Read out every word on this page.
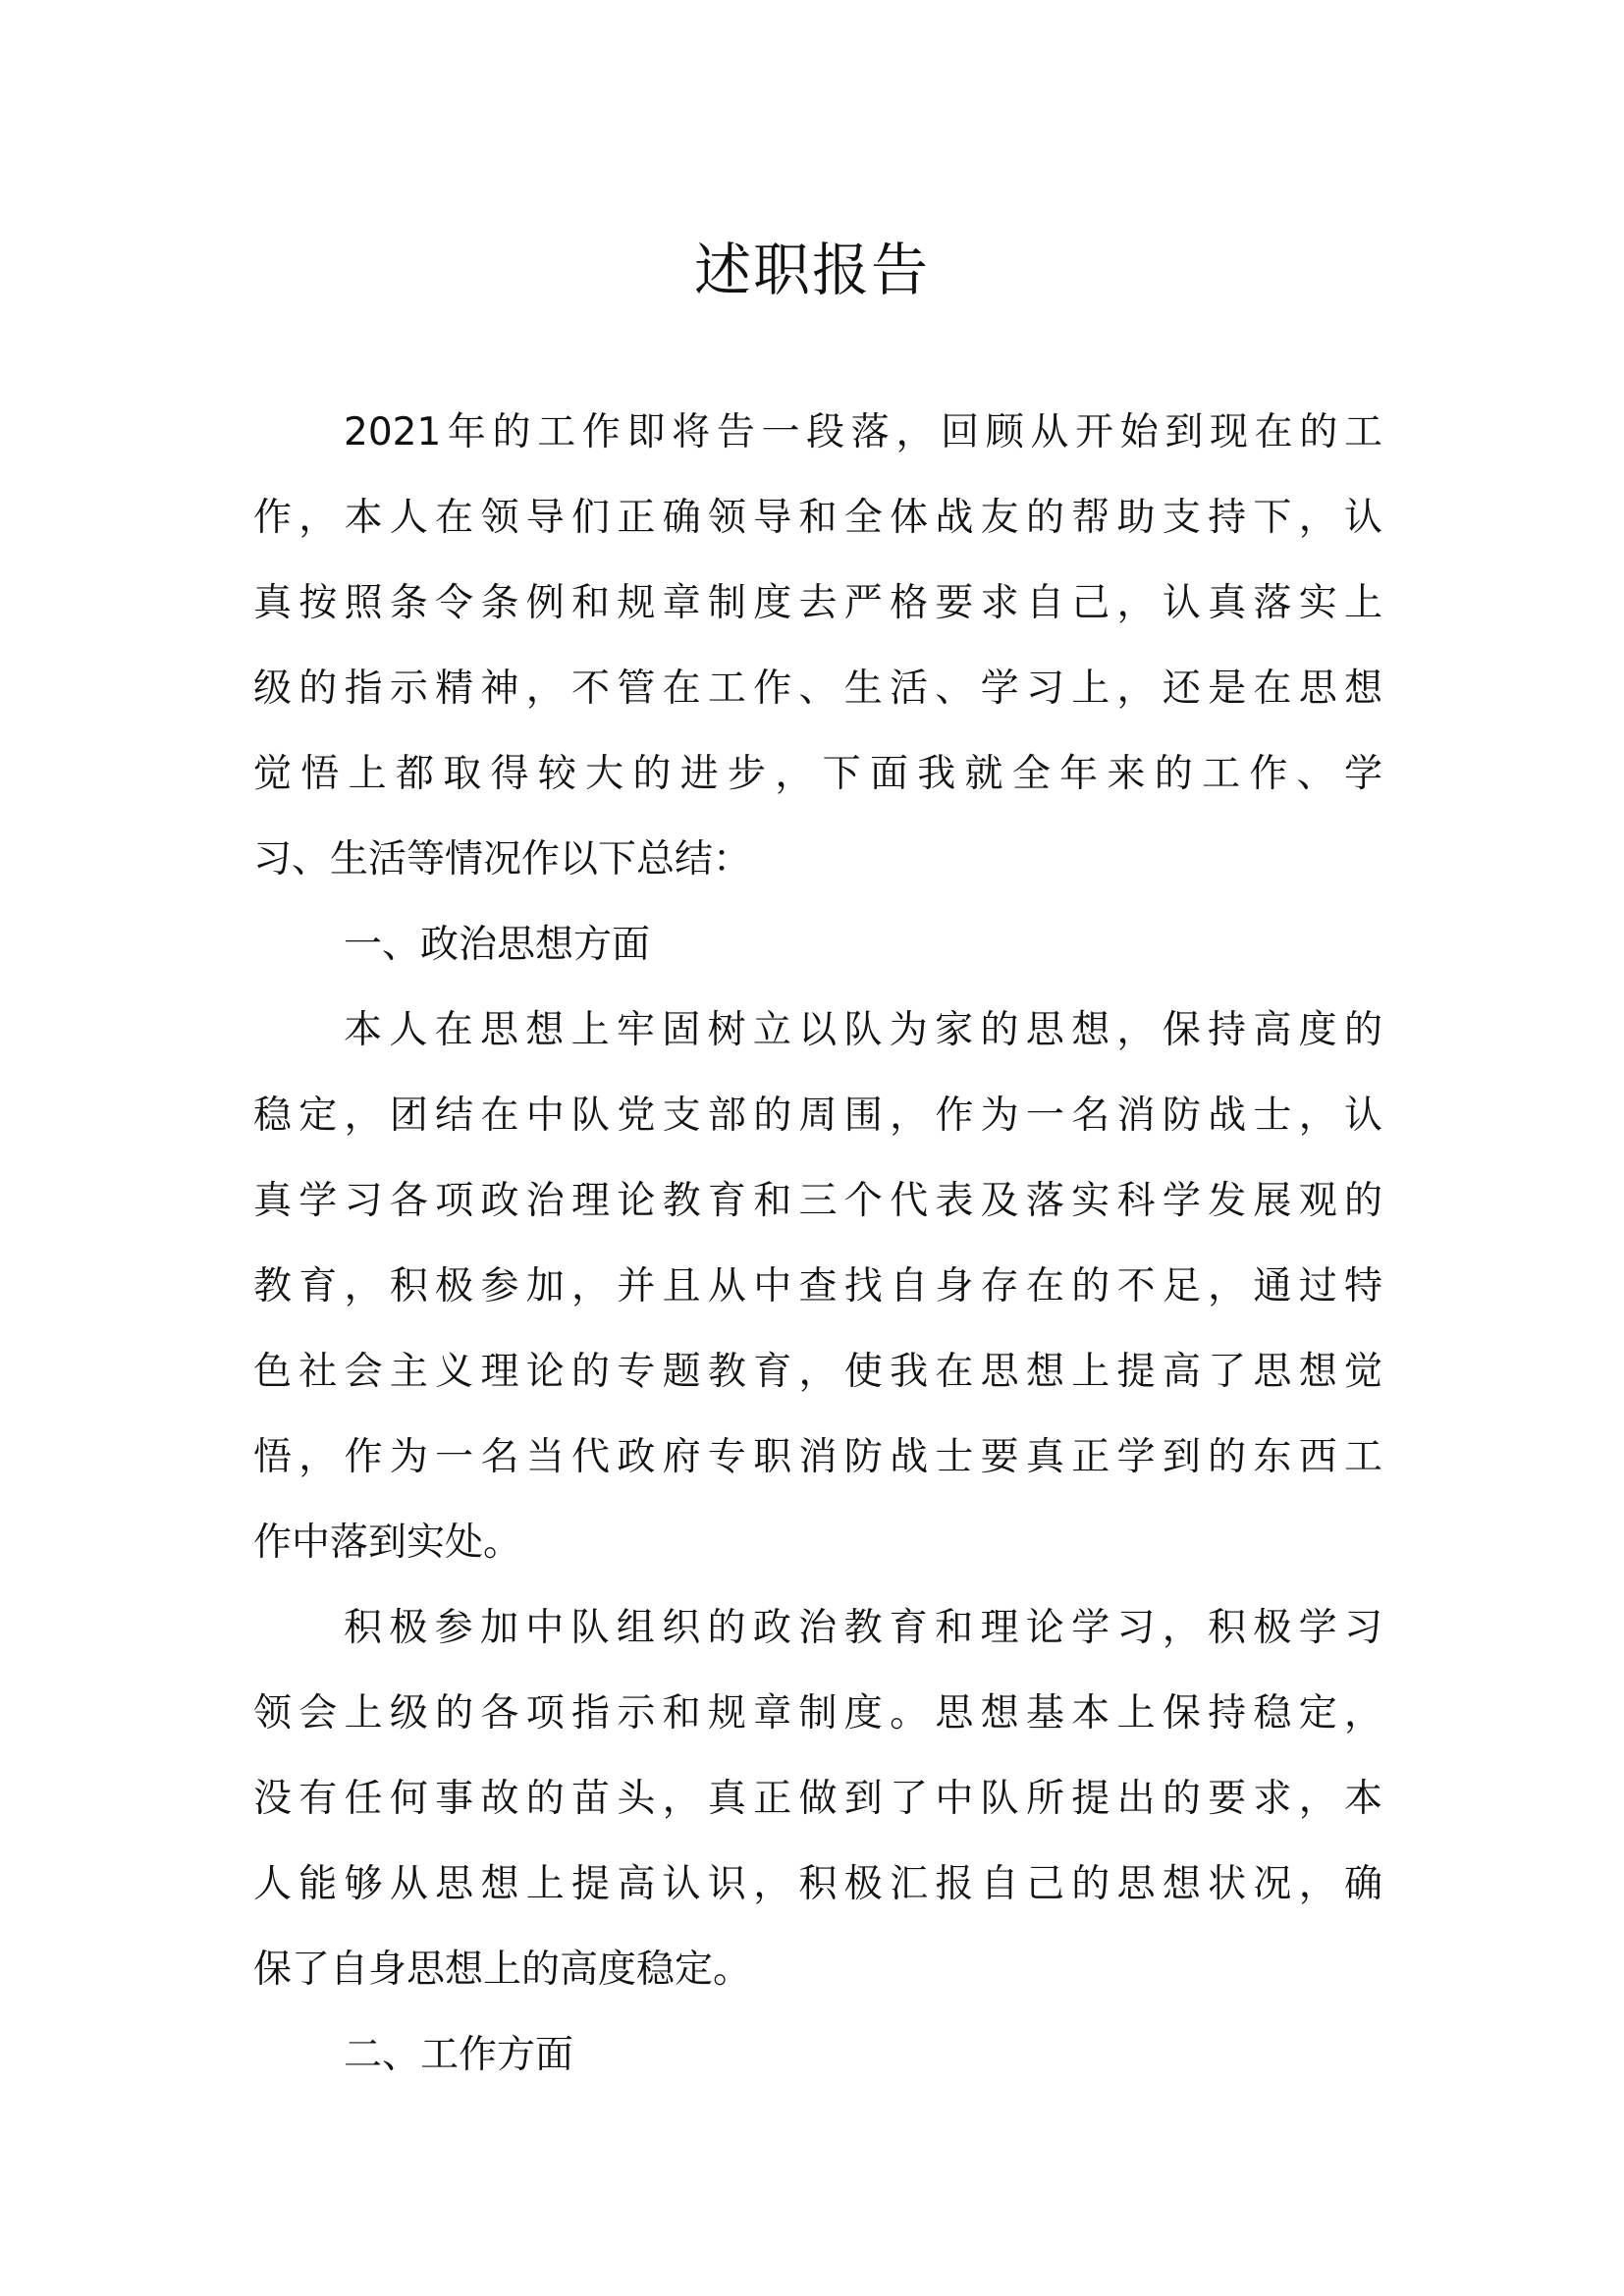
述职报告
2021年的工作即将告一段落，回顾从开始到现在的工
作，本人在领导们正确领导和全体战友的帮助支持下，认
真按照条令条例和规章制度去严格要求自己，认真落实上
级的指示精神，不管在工作、生活、学习上，还是在思想
觉悟上都取得较大的进步，下面我就全年来的工作、学
习、生活等情况作以下总结：
一、政治思想方面
本人在思想上牢固树立以队为家的思想，保持高度的
稳定，团结在中队党支部的周围，作为一名消防战士，认
真学习各项政治理论教育和三个代表及落实科学发展观的
教育，积极参加，并且从中查找自身存在的不足，通过特
色社会主义理论的专题教育，使我在思想上提高了思想觉
悟，作为一名当代政府专职消防战士要真正学到的东西工
作中落到实处。
积极参加中队组织的政治教育和理论学习，积极学习
领会上级的各项指示和规章制度。思想基本上保持稳定，
没有任何事故的苗头，真正做到了中队所提出的要求，本
人能够从思想上提高认识，积极汇报自己的思想状况，确
保了自身思想上的高度稳定。
二、工作方面
